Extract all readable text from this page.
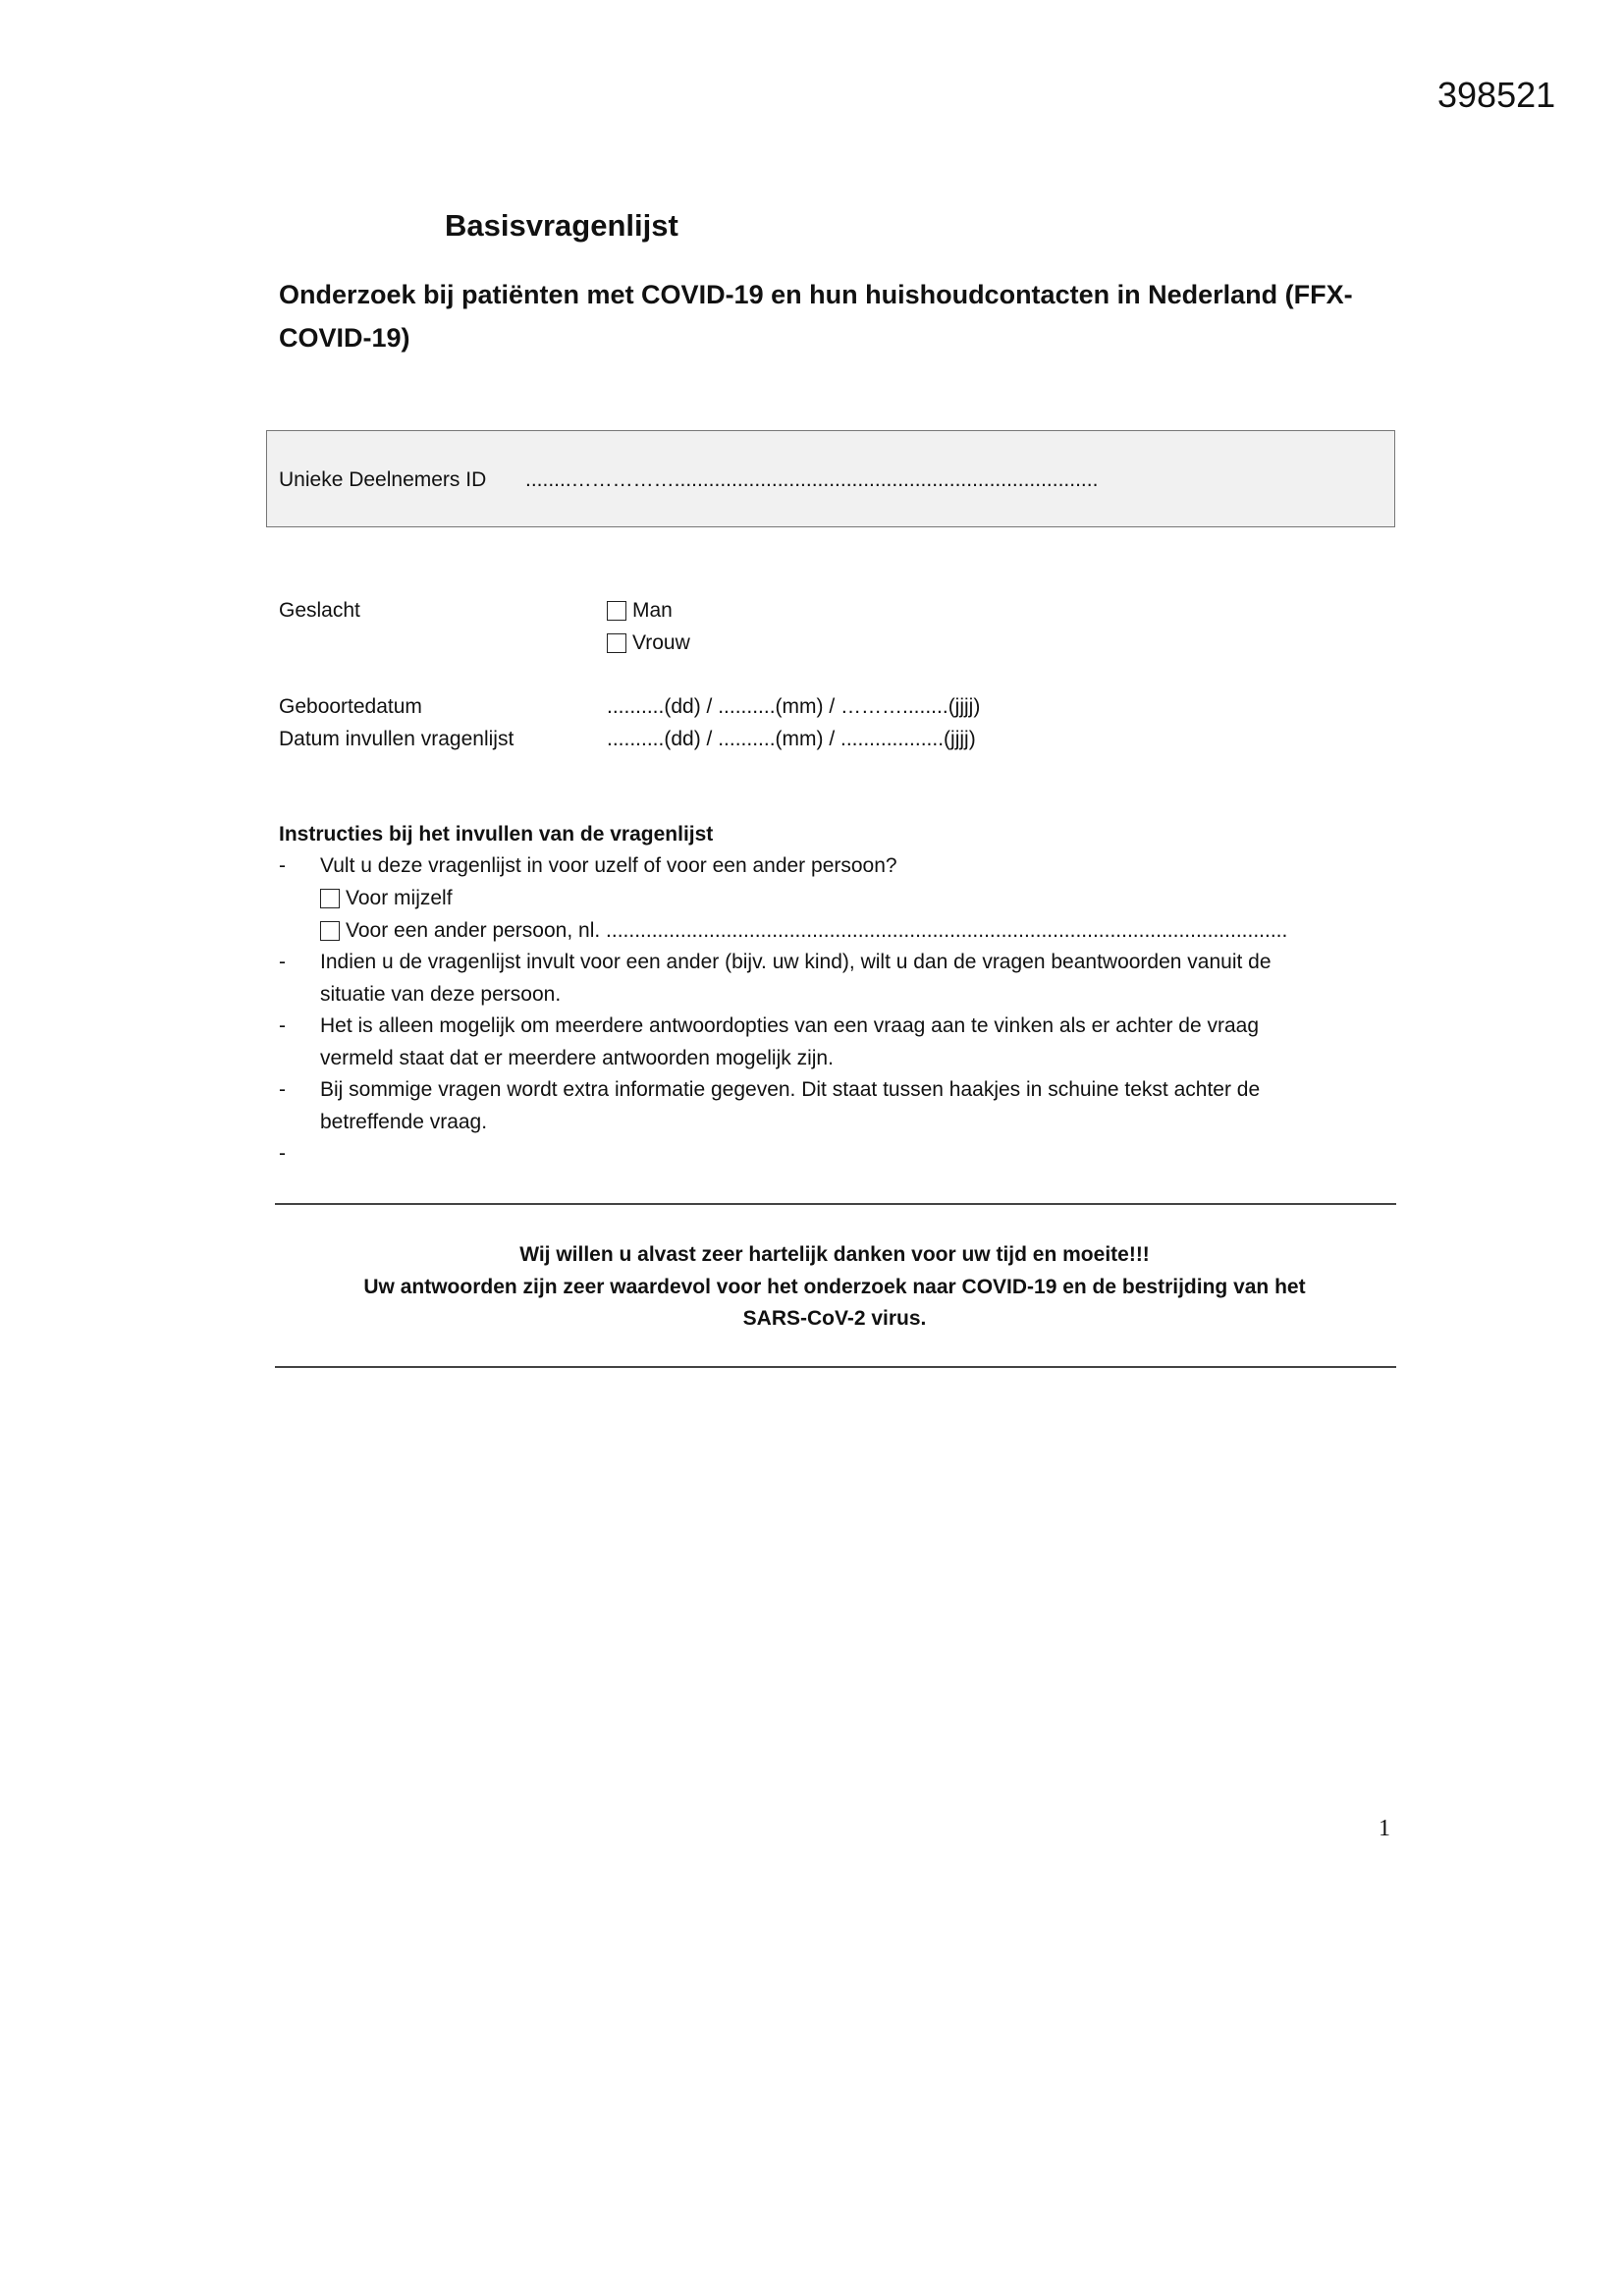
398521
Basisvragenlijst
Onderzoek bij patiënten met COVID-19 en hun huishoudcontacten in Nederland (FFX-
COVID-19)
Unieke Deelnemers ID ........……………..........................................................................
Geslacht	Man
Vrouw
Geboortedatum	..........(dd) / ..........(mm) / ………........(jjjj)
Datum invullen vragenlijst	..........(dd) / ..........(mm) / ..................(jjjj)
Instructies bij het invullen van de vragenlijst
- Vult u deze vragenlijst in voor uzelf of voor een ander persoon?
Voor mijzelf
Voor een ander persoon, nl. .......................................................................................................................
- Indien u de vragenlijst invult voor een ander (bijv. uw kind), wilt u dan de vragen beantwoorden vanuit de
situatie van deze persoon.
- Het is alleen mogelijk om meerdere antwoordopties van een vraag aan te vinken als er achter de vraag
vermeld staat dat er meerdere antwoorden mogelijk zijn.
- Bij sommige vragen wordt extra informatie gegeven. Dit staat tussen haakjes in schuine tekst achter de
betreffende vraag.
-
Wij willen u alvast zeer hartelijk danken voor uw tijd en moeite!!!
Uw antwoorden zijn zeer waardevol voor het onderzoek naar COVID-19 en de bestrijding van het
SARS-CoV-2 virus.
1
